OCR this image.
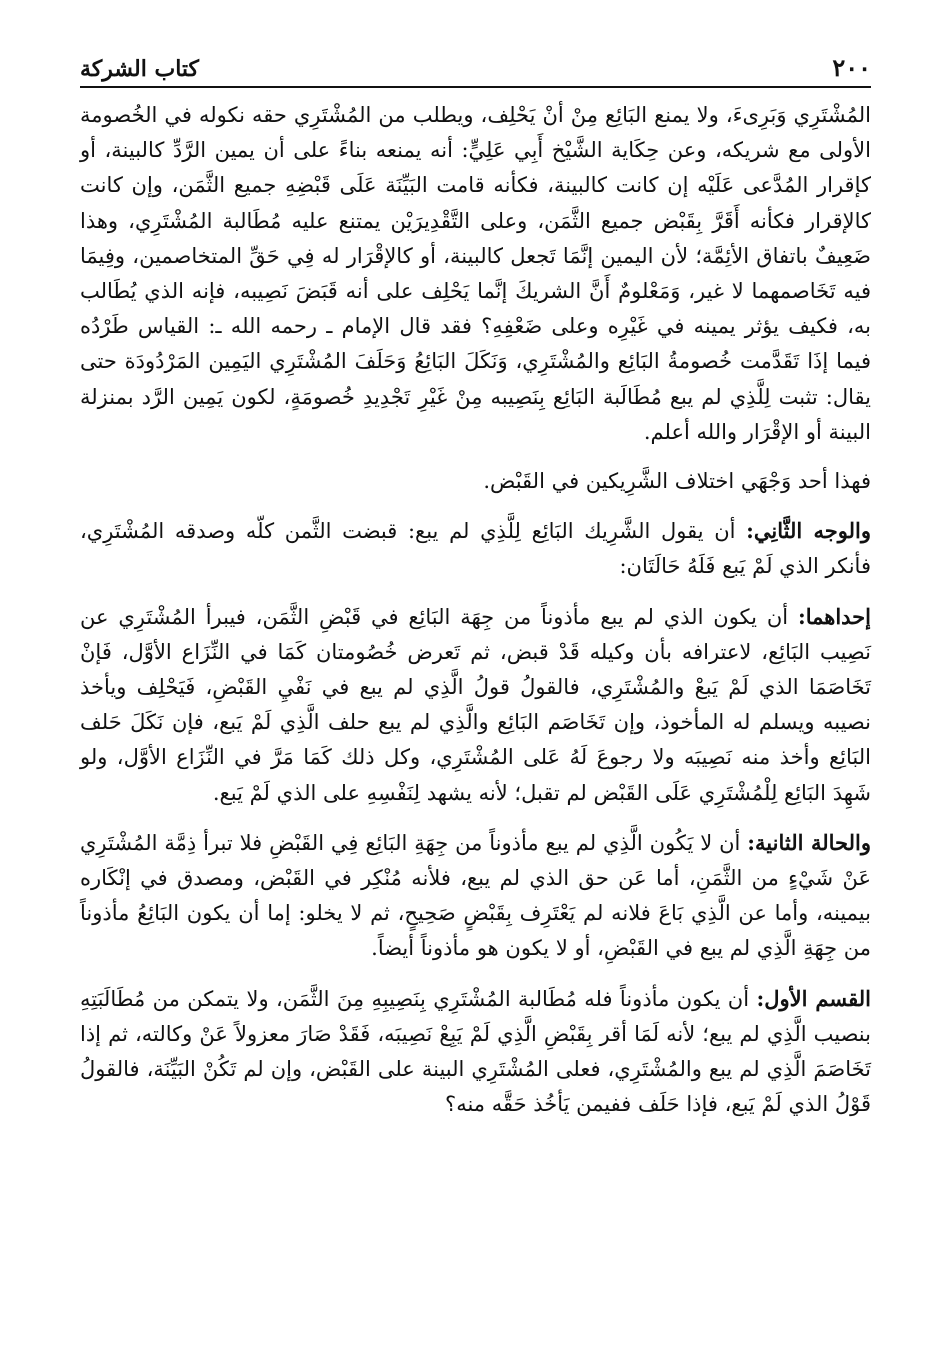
٢٠٠
كتاب الشركة

المُشْتَرِي وَبَرِىءَ، ولا يمنع البَائِع مِنْ أنْ يَحْلِف، ويطلب من المُشْتَرِي حقه نكوله في الخُصومة الأولى مع شريكه، وعن حِكَاية الشَّيْخ أَبِي عَلِيٍّ: أنه يمنعه بناءً على أن يمين الرَّدِّ كالبينة، أو كإقرار المُدَّعى عَلَيْه إن كانت كالبينة، فكأنه قامت البَيِّنَة عَلَى قَبْضِهِ جميع الثَّمَن، وإن كانت كالإقرار فكأنه أَقَرَّ بِقَبْض جميع الثَّمَن، وعلى التَّقْدِيرَيْن يمتنع عليه مُطَالبة المُشْتَرِي، وهذا ضَعِيفٌ باتفاق الأئِمَّة؛ لأن اليمين إنَّمَا تَجعل كالبينة، أو كالإقْرَار له فِي حَقِّ المتخاصمين، وفِيمَا فيه تَخَاصمهما لا غير، وَمَعْلومٌ أَنَّ الشريكَ إنَّما يَحْلِف على أنه قَبَضَ نَصِيبه، فإنه الذي يُطَالب به، فكيف يؤثر يمينه في غَيْرِه وعلى ضَعْفِهِ؟ فقد قال الإمام ـ رحمه الله ـ: القياس طَرْدُه فيما إذَا تَقَدَّمت خُصومةُ البَائِع والمُشْتَرِي، وَنَكَلَ البَائِعُ وَحَلَفَ المُشْتَرِي اليَمِين المَرْدُودَة حتى يقال: تثبت لِلَّذِي لم يبع مُطَالَبة البَائِع بِنَصِيبه مِنْ غَيْرِ تَجْدِيدِ خُصومَةٍ، لكون يَمِين الرَّد بمنزلة البينة أو الإقْرَار والله أعلم.

فهذا أحد وَجْهَي اختلاف الشَّرِيكين في القَبْض.

والوجه الثَّانِي: أن يقول الشَّرِيك البَائِع لِلَّذِي لم يبع: قبضت الثَّمن كلّه وصدقه المُشْتَرِي، فأنكر الذي لَمْ يَبع فَلَهُ حَالَتَان:

إحداهما: أن يكون الذي لم يبع مأذوناً من جِهَة البَائِع في قَبْضِ الثَّمَن، فيبرأ المُشْتَرِي عن نَصِيب البَائِع، لاعترافه بأن وكيله قَدْ قبض، ثم تَعرض خُصُومتان كَمَا في النِّزَاع الأوَّل، فَإنْ تَخَاصَمَا الذي لَمْ يَبعْ والمُشْتَرِي، فالقولُ قولُ الَّذِي لم يبع في نَفْيِ القَبْضِ، فَيَحْلِف ويأخذ نصيبه ويسلم له المأخوذ، وإن تَخَاصَم البَائِع والَّذِي لم يبع حلف الَّذِي لَمْ يَبع، فإن نَكَلَ حَلف البَائِع وأخذ منه نَصِيبَه ولا رجوعَ لَهُ عَلى المُشْتَرِي، وكل ذلك كَمَا مَرَّ في النِّزَاع الأوَّل، ولو شَهِدَ البَائِع لِلْمُشْتَرِي عَلَى القَبْض لم تقبل؛ لأنه يشهد لِنَفْسِهِ على الذي لَمْ يَبع.

والحالة الثانية: أن لا يَكُون الَّذِي لم يبع مأذوناً من جِهَةِ البَائِع فِي القَبْضِ فلا تبرأ ذِمَّة المُشْتَرِي عَنْ شَيْءٍ من الثَّمَنِ، أما عَن حق الذي لم يبع، فلأنه مُنْكِر في القَبْض، ومصدق في إنْكَاره بيمينه، وأما عن الَّذِي بَاعَ فلانه لم يَعْتَرِف بِقَبْضٍ صَحِيحٍ، ثم لا يخلو: إما أن يكون البَائِعُ مأذوناً من جِهَةِ الَّذِي لم يبع في القَبْضِ، أو لا يكون هو مأذوناً أيضاً.

القسم الأول: أن يكون مأذوناً فله مُطَالبة المُشْتَرِي بِنَصِيبِهِ مِنَ الثَّمَن، ولا يتمكن من مُطَالَبَتِهِ بنصيب الَّذِي لم يبع؛ لأنه لَمَا أقر بِقَبْضِ الَّذِي لَمْ يَبِعْ نَصِيبَه، فَقَدْ صَارَ معزولاً عَنْ وكالته، ثم إذا تَخَاصَمَ الَّذِي لم يبع والمُشْتَرِي، فعلى المُشْتَرِي البينة على القَبْض، وإن لم تَكُنْ البَيِّنَة، فالقولُ قَوْلُ الذي لَمْ يَبع، فإذا حَلَف ففيمن يَأخُذ حَقَّه منه؟
